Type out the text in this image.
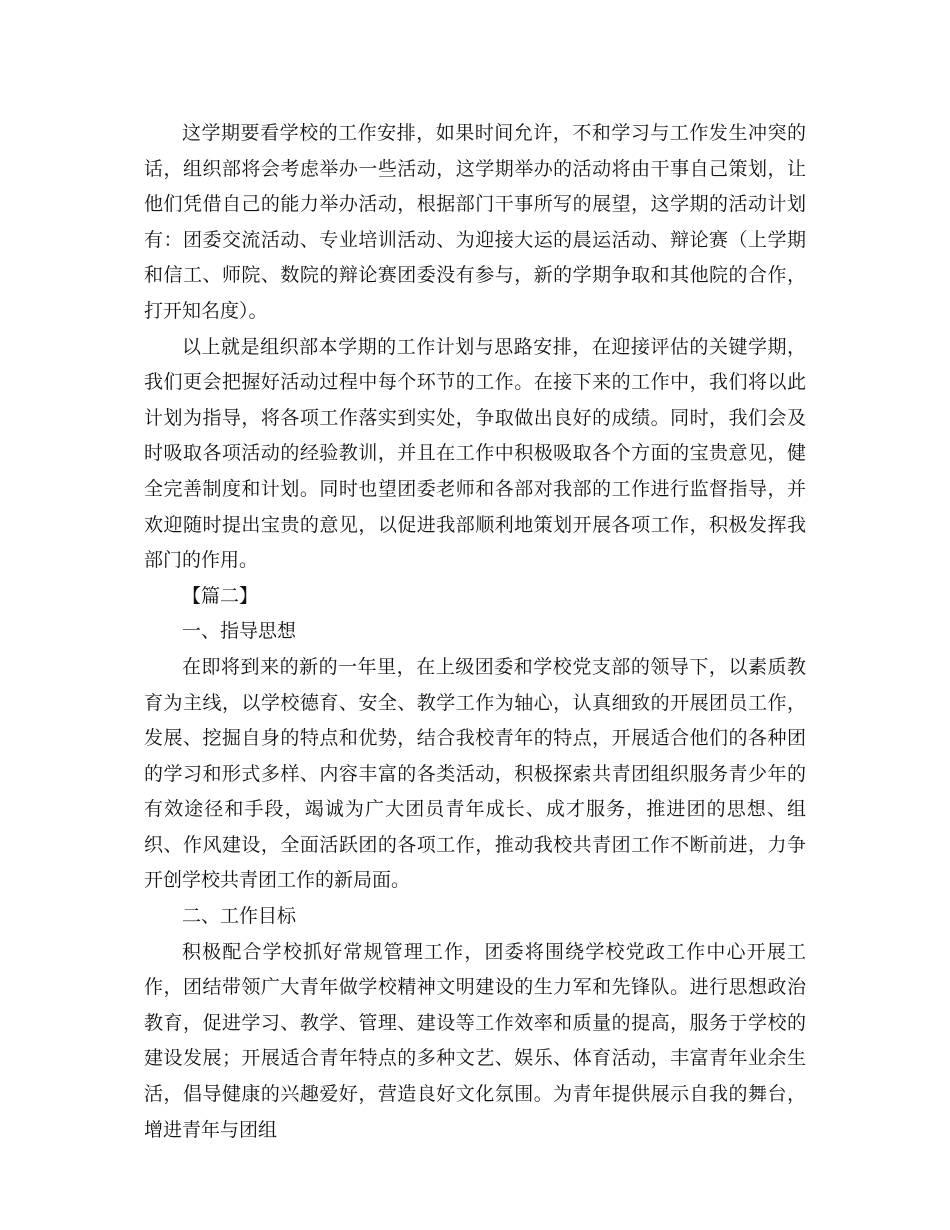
这学期要看学校的工作安排，如果时间允许，不和学习与工作发生冲突的话，组织部将会考虑举办一些活动，这学期举办的活动将由干事自己策划，让他们凭借自己的能力举办活动，根据部门干事所写的展望，这学期的活动计划有：团委交流活动、专业培训活动、为迎接大运的晨运活动、辩论赛（上学期和信工、师院、数院的辩论赛团委没有参与，新的学期争取和其他院的合作，打开知名度）。

以上就是组织部本学期的工作计划与思路安排，在迎接评估的关键学期，我们更会把握好活动过程中每个环节的工作。在接下来的工作中，我们将以此计划为指导，将各项工作落实到实处，争取做出良好的成绩。同时，我们会及时吸取各项活动的经验教训，并且在工作中积极吸取各个方面的宝贵意见，健全完善制度和计划。同时也望团委老师和各部对我部的工作进行监督指导，并欢迎随时提出宝贵的意见，以促进我部顺利地策划开展各项工作，积极发挥我部门的作用。

【篇二】

一、指导思想

在即将到来的新的一年里，在上级团委和学校党支部的领导下，以素质教育为主线，以学校德育、安全、教学工作为轴心，认真细致的开展团员工作，发展、挖掘自身的特点和优势，结合我校青年的特点，开展适合他们的各种团的学习和形式多样、内容丰富的各类活动，积极探索共青团组织服务青少年的有效途径和手段，竭诚为广大团员青年成长、成才服务，推进团的思想、组织、作风建设，全面活跃团的各项工作，推动我校共青团工作不断前进，力争开创学校共青团工作的新局面。

二、工作目标

积极配合学校抓好常规管理工作，团委将围绕学校党政工作中心开展工作，团结带领广大青年做学校精神文明建设的生力军和先锋队。进行思想政治教育，促进学习、教学、管理、建设等工作效率和质量的提高，服务于学校的建设发展；开展适合青年特点的多种文艺、娱乐、体育活动，丰富青年业余生活，倡导健康的兴趣爱好，营造良好文化氛围。为青年提供展示自我的舞台，增进青年与团组
